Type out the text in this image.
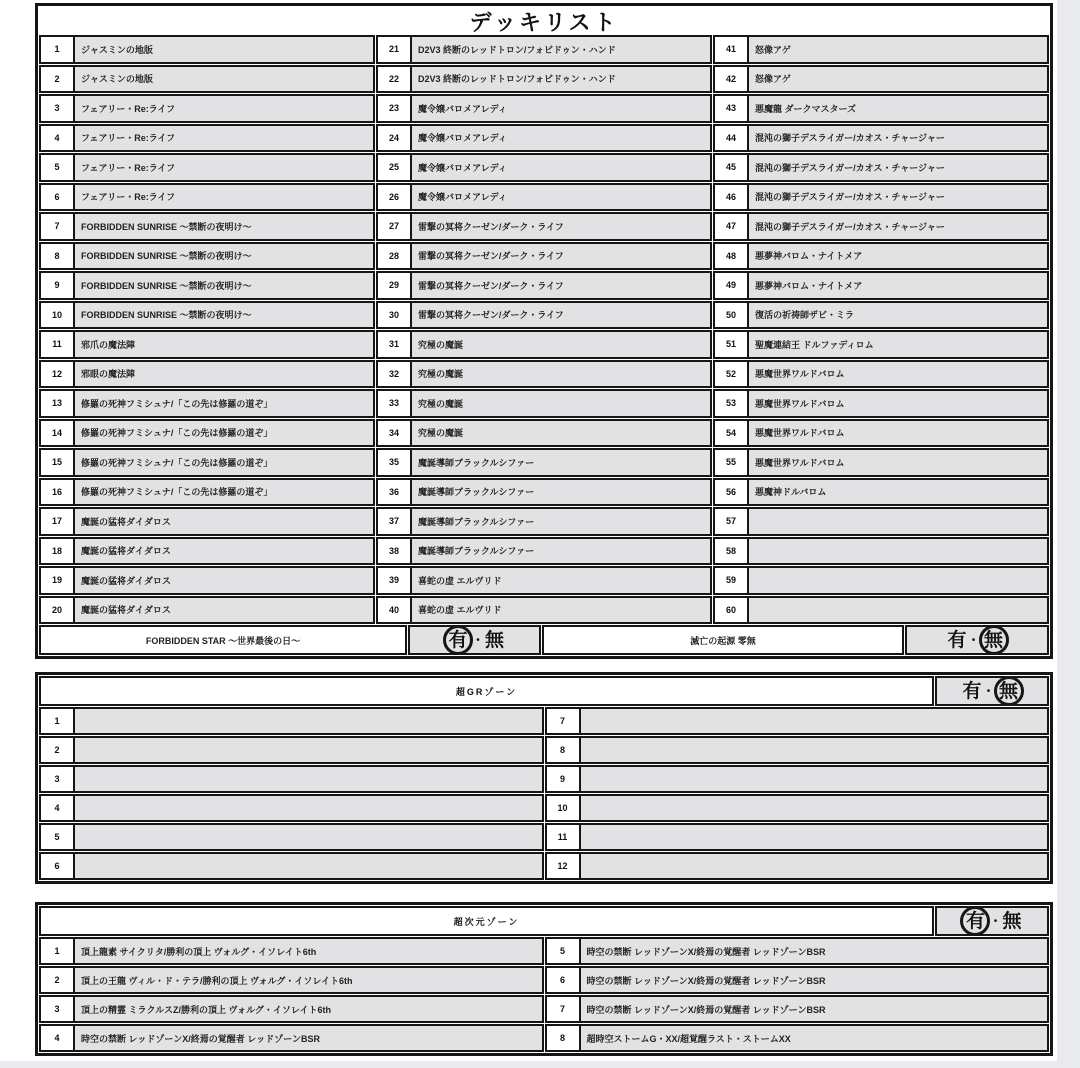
デッキリスト
1	ジャスミンの地版
2	ジャスミンの地版
3	フェアリー・Re:ライフ
4	フェアリー・Re:ライフ
5	フェアリー・Re:ライフ
6	フェアリー・Re:ライフ
7	FORBIDDEN SUNRISE ～禁断の夜明け～
8	FORBIDDEN SUNRISE ～禁断の夜明け～
9	FORBIDDEN SUNRISE ～禁断の夜明け～
10	FORBIDDEN SUNRISE ～禁断の夜明け～
11	邪爪の魔法陣
12	邪眼の魔法陣
13	修羅の死神フミシュナ/「この先は修羅の道ぞ」
14	修羅の死神フミシュナ/「この先は修羅の道ぞ」
15	修羅の死神フミシュナ/「この先は修羅の道ぞ」
16	修羅の死神フミシュナ/「この先は修羅の道ぞ」
17	魔誕の猛将ダイダロス
18	魔誕の猛将ダイダロス
19	魔誕の猛将ダイダロス
20	魔誕の猛将ダイダロス
21	D2V3 終断のレッドトロン/フォビドゥン・ハンド
22	D2V3 終断のレッドトロン/フォビドゥン・ハンド
23	魔令嬢バロメアレディ
24	魔令嬢バロメアレディ
25	魔令嬢バロメアレディ
26	魔令嬢バロメアレディ
27	雷撃の冥将クーゼン/ダーク・ライフ
28	雷撃の冥将クーゼン/ダーク・ライフ
29	雷撃の冥将クーゼン/ダーク・ライフ
30	雷撃の冥将クーゼン/ダーク・ライフ
31	究極の魔誕
32	究極の魔誕
33	究極の魔誕
34	究極の魔誕
35	魔誕導師ブラックルシファー
36	魔誕導師ブラックルシファー
37	魔誕導師ブラックルシファー
38	魔誕導師ブラックルシファー
39	喜蛇の虚 エルヴリド
40	喜蛇の虚 エルヴリド
41	怒像アゲ
42	怒像アゲ
43	悪魔龍 ダークマスターズ
44	混沌の獅子デスライガー/カオス・チャージャー
45	混沌の獅子デスライガー/カオス・チャージャー
46	混沌の獅子デスライガー/カオス・チャージャー
47	混沌の獅子デスライガー/カオス・チャージャー
48	悪夢神バロム・ナイトメア
49	悪夢神バロム・ナイトメア
50	復活の祈祷師ザビ・ミラ
51	聖魔連結王 ドルファディロム
52	悪魔世界ワルドバロム
53	悪魔世界ワルドバロム
54	悪魔世界ワルドバロム
55	悪魔世界ワルドバロム
56	悪魔神ドルバロム
57
58
59
60
FORBIDDEN STAR ～世界最後の日～	有 ・ 無	滅亡の起源 零無	有 ・ 無
超GRゾーン	有 ・ 無
1
2
3
4
5
6
7
8
9
10
11
12
超次元ゾーン	有 ・ 無
1	頂上龍素 サイクリタ/勝利の頂上 ヴォルグ・イソレイト6th
2	頂上の王龍 ヴィル・ド・テラ/勝利の頂上 ヴォルグ・イソレイト6th
3	頂上の精霊 ミラクルスZ/勝利の頂上 ヴォルグ・イソレイト6th
4	時空の禁断 レッドゾーンX/終焉の覚醒者 レッドゾーンBSR
5	時空の禁断 レッドゾーンX/終焉の覚醒者 レッドゾーンBSR
6	時空の禁断 レッドゾーンX/終焉の覚醒者 レッドゾーンBSR
7	時空の禁断 レッドゾーンX/終焉の覚醒者 レッドゾーンBSR
8	超時空ストームG・XX/超覚醒ラスト・ストームXX
